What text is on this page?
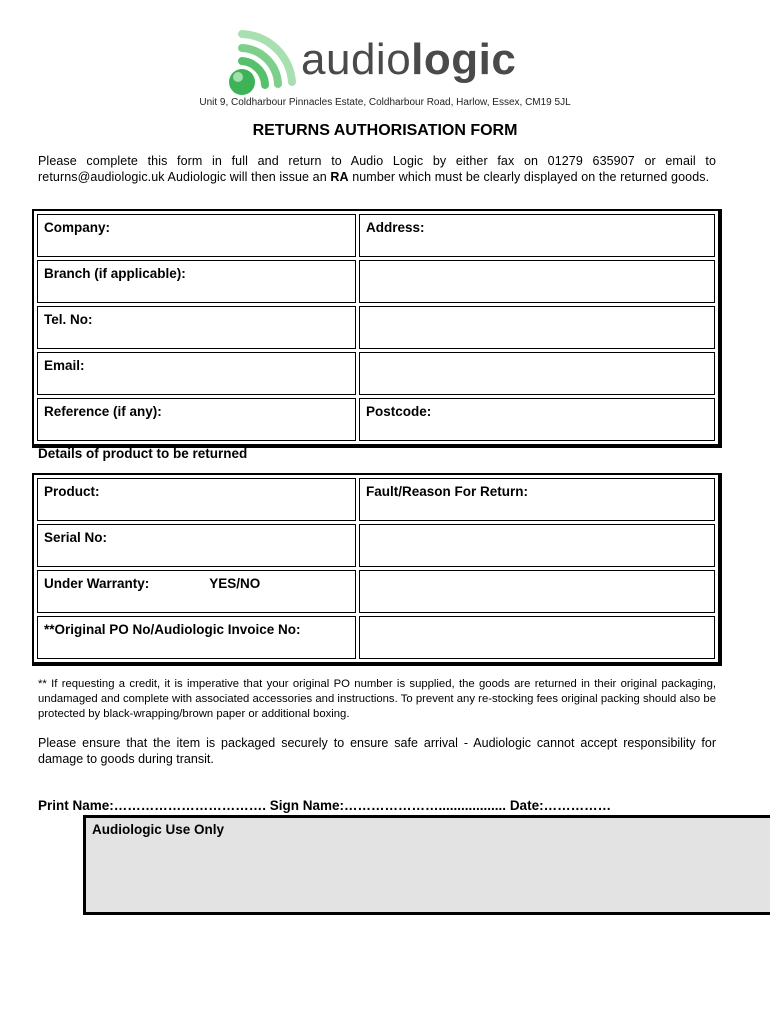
audiologic
Unit 9, Coldharbour Pinnacles Estate, Coldharbour Road, Harlow, Essex, CM19 5JL
RETURNS AUTHORISATION FORM
Please complete this form in full and return to Audio Logic by either fax on 01279 635907 or email to returns@audiologic.uk Audiologic will then issue an RA number which must be clearly displayed on the returned goods.
Company:	Address:
Branch (if applicable):	
Tel. No:	
Email:	
Reference (if any):	Postcode:
Details of product to be returned
Product:	Fault/Reason For Return:
Serial No:	
Under Warranty: YES/NO	
**Original PO No/Audiologic Invoice No:	
** If requesting a credit, it is imperative that your original PO number is supplied, the goods are returned in their original packaging, undamaged and complete with associated accessories and instructions. To prevent any re-stocking fees original packing should also be protected by black-wrapping/brown paper or additional boxing.
Please ensure that the item is packaged securely to ensure safe arrival - Audiologic cannot accept responsibility for damage to goods during transit.
Print Name:……………………………. Sign Name:………………….................. Date:……………
Audiologic Use Only
